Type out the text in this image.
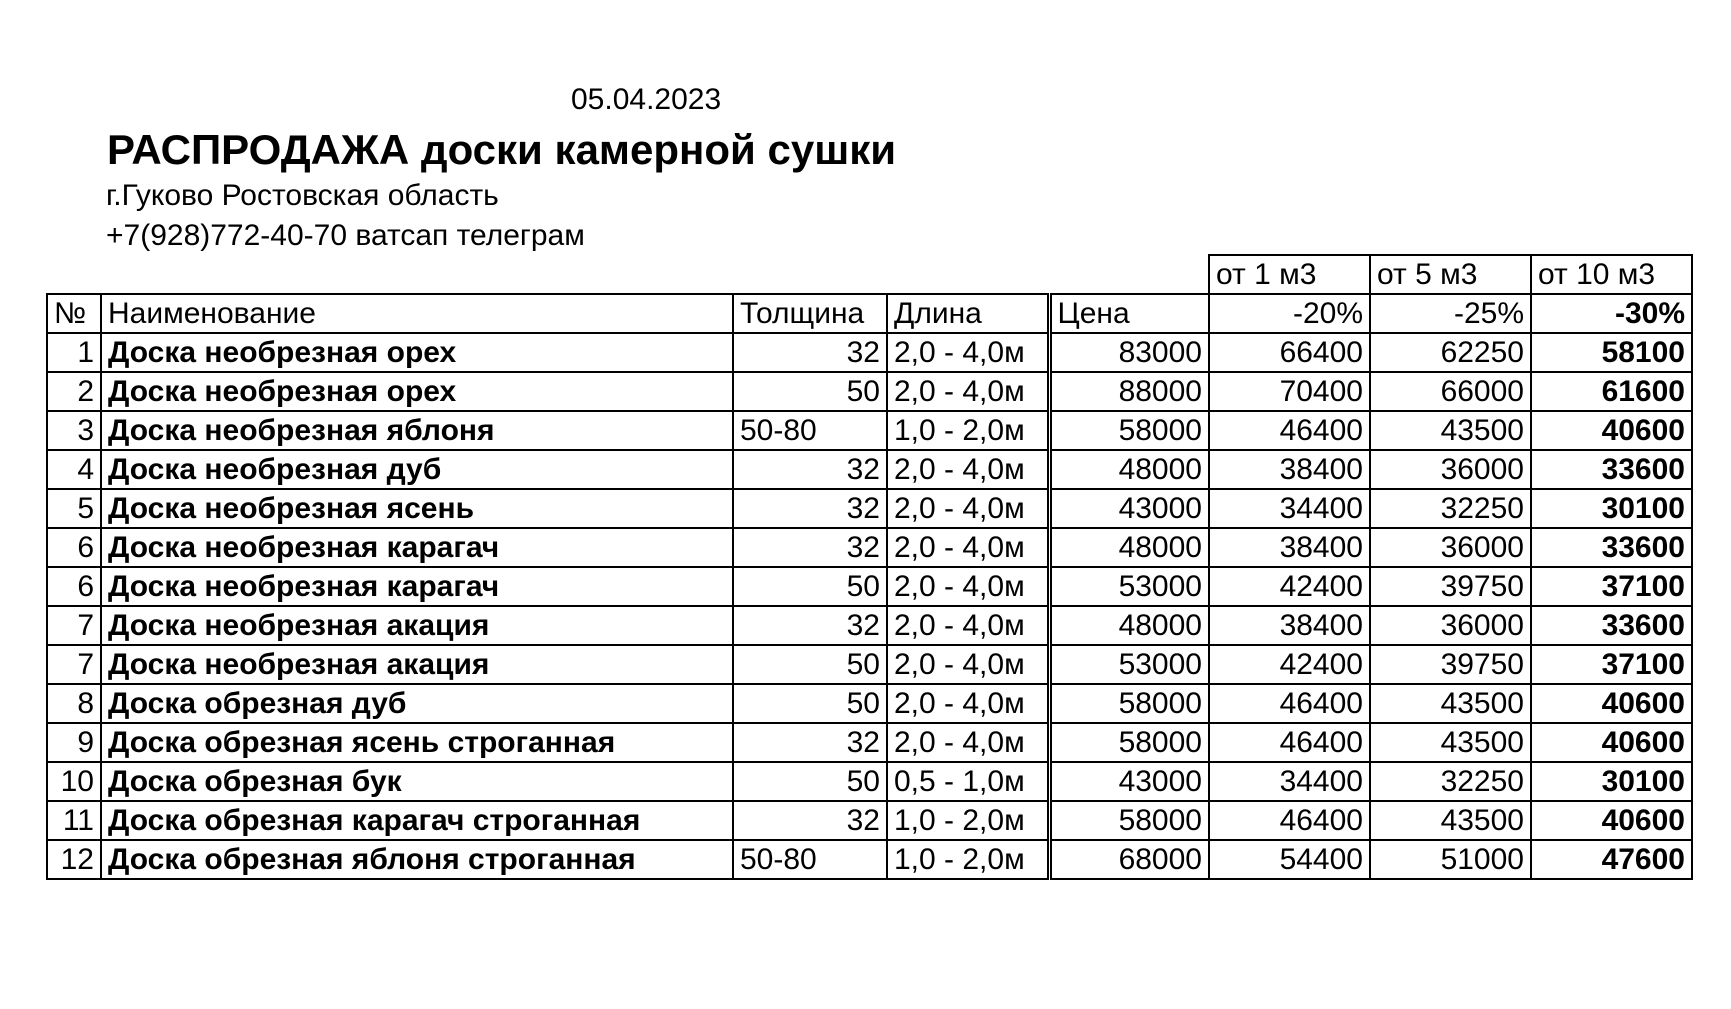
05.04.2023
РАСПРОДАЖА доски камерной сушки
г.Гуково Ростовская область
+7(928)772-40-70 ватсап телеграм
					от 1 м3	от 5 м3	от 10 м3
№	Наименование	Толщина	Длина	Цена	-20%	-25%	-30%
1	Доска необрезная орех	32	2,0 - 4,0м	83000	66400	62250	58100
2	Доска необрезная орех	50	2,0 - 4,0м	88000	70400	66000	61600
3	Доска необрезная яблоня	50-80	1,0 - 2,0м	58000	46400	43500	40600
4	Доска необрезная дуб	32	2,0 - 4,0м	48000	38400	36000	33600
5	Доска необрезная ясень	32	2,0 - 4,0м	43000	34400	32250	30100
6	Доска необрезная карагач	32	2,0 - 4,0м	48000	38400	36000	33600
6	Доска необрезная карагач	50	2,0 - 4,0м	53000	42400	39750	37100
7	Доска необрезная акация	32	2,0 - 4,0м	48000	38400	36000	33600
7	Доска необрезная акация	50	2,0 - 4,0м	53000	42400	39750	37100
8	Доска обрезная дуб	50	2,0 - 4,0м	58000	46400	43500	40600
9	Доска обрезная ясень строганная	32	2,0 - 4,0м	58000	46400	43500	40600
10	Доска обрезная бук	50	0,5 - 1,0м	43000	34400	32250	30100
11	Доска обрезная карагач строганная	32	1,0 - 2,0м	58000	46400	43500	40600
12	Доска обрезная яблоня строганная	50-80	1,0 - 2,0м	68000	54400	51000	47600
